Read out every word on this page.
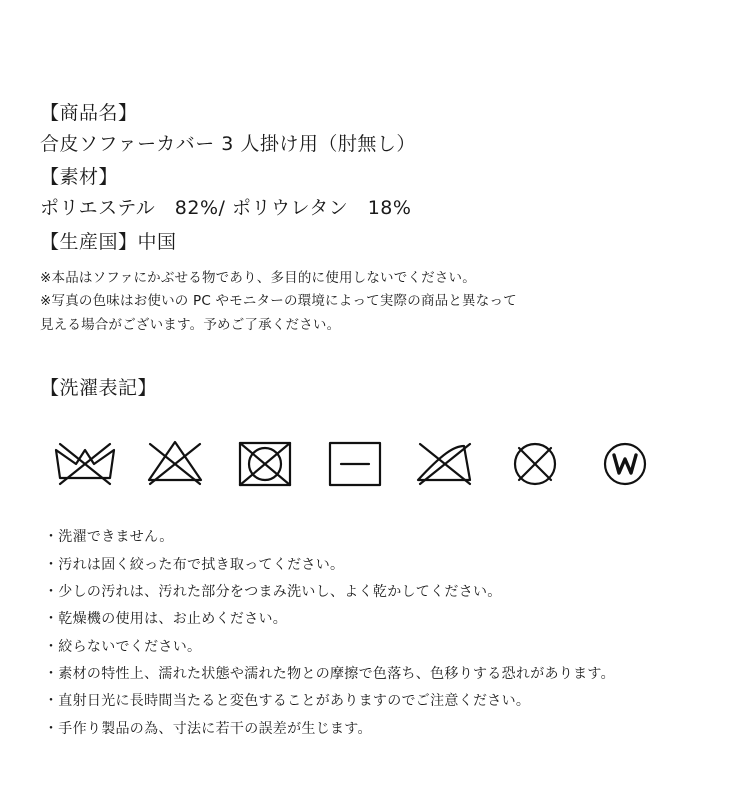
【商品名】
合皮ソファーカバー 3 人掛け用（肘無し）
【素材】
ポリエステル　82%/ ポリウレタン　18%
【生産国】中国

※本品はソファにかぶせる物であり、多目的に使用しないでください。

※写真の色味はお使いの PC やモニターの環境によって実際の商品と異なって

見える場合がございます。予めご了承ください。

【洗濯表記】
・洗濯できません。
・汚れは固く絞った布で拭き取ってください。
・少しの汚れは、汚れた部分をつまみ洗いし、よく乾かしてください。
・乾燥機の使用は、お止めください。
・絞らないでください。
・素材の特性上、濡れた状態や濡れた物との摩擦で色落ち、色移りする恐れがあります。
・直射日光に長時間当たると変色することがありますのでご注意ください。
・手作り製品の為、寸法に若干の誤差が生じます。
